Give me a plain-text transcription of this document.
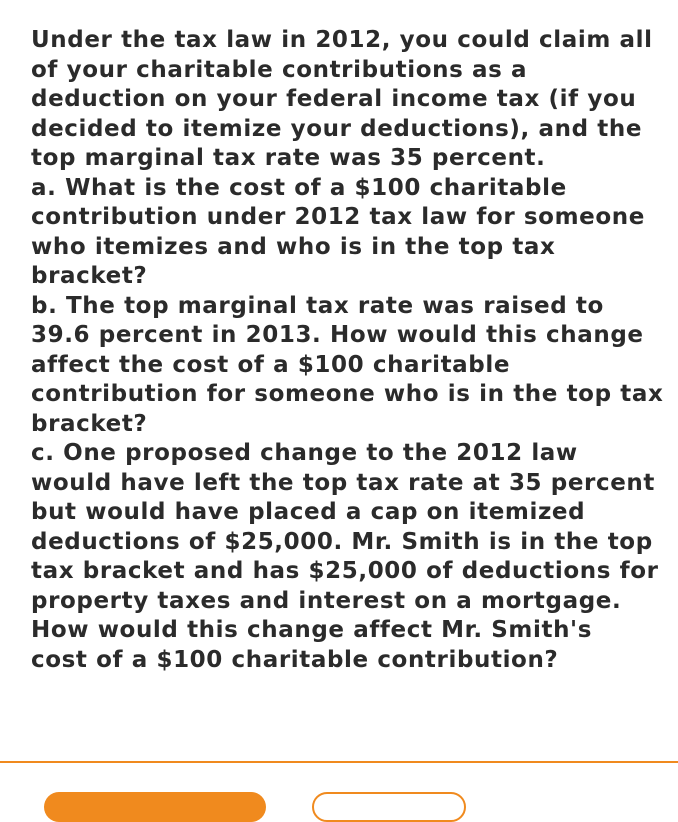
Under the tax law in 2012, you could claim all
of your charitable contributions as a
deduction on your federal income tax (if you
decided to itemize your deductions), and the
top marginal tax rate was 35 percent.
a. What is the cost of a $100 charitable
contribution under 2012 tax law for someone
who itemizes and who is in the top tax
bracket?
b. The top marginal tax rate was raised to
39.6 percent in 2013. How would this change
affect the cost of a $100 charitable
contribution for someone who is in the top tax
bracket?
c. One proposed change to the 2012 law
would have left the top tax rate at 35 percent
but would have placed a cap on itemized
deductions of $25,000. Mr. Smith is in the top
tax bracket and has $25,000 of deductions for
property taxes and interest on a mortgage.
How would this change affect Mr. Smith's
cost of a $100 charitable contribution?
